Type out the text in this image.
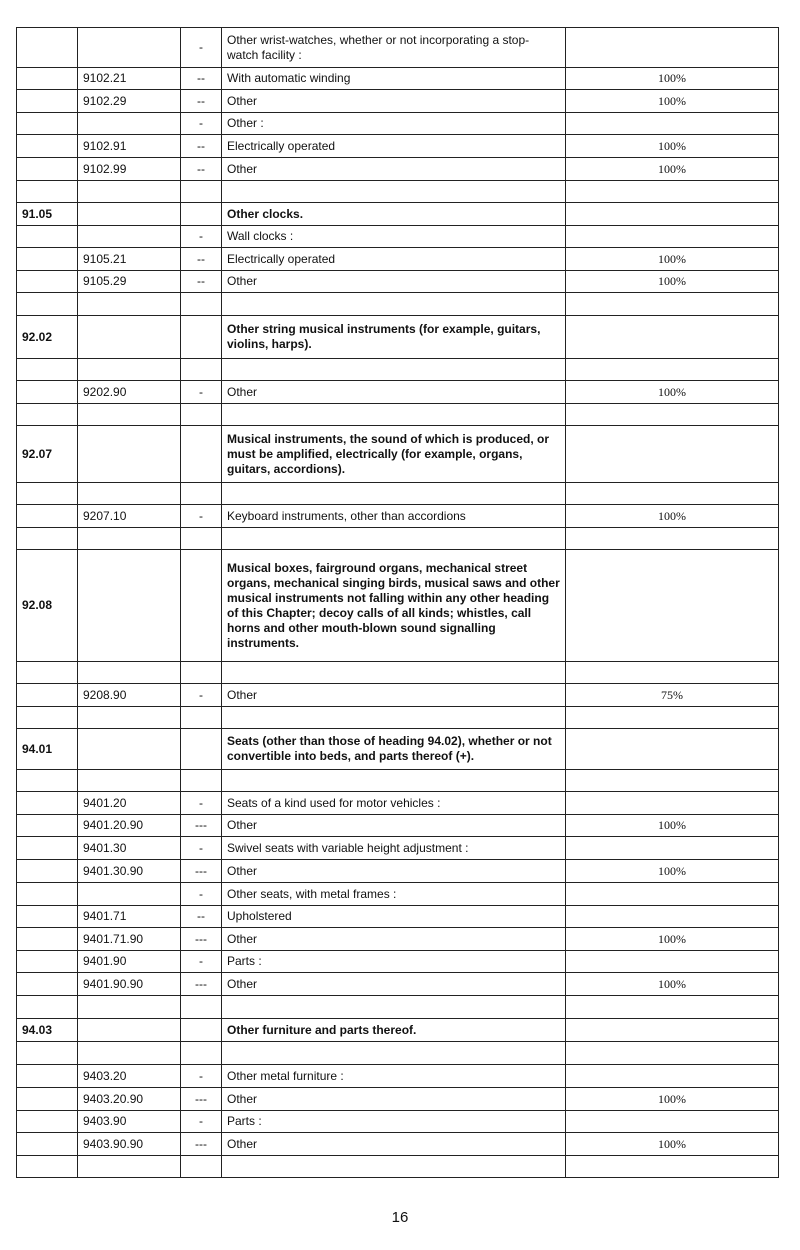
		-	Other wrist-watches, whether or not incorporating a stop-watch facility :	
	9102.21	--	With automatic winding	100%
	9102.29	--	Other	100%
		-	Other :	
	9102.91	--	Electrically operated	100%
	9102.99	--	Other	100%

91.05			Other clocks.	
		-	Wall clocks :	
	9105.21	--	Electrically operated	100%
	9105.29	--	Other	100%

92.02			Other string musical instruments (for example, guitars, violins, harps).	

	9202.90	-	Other	100%

92.07			Musical instruments, the sound of which is produced, or must be amplified, electrically (for example, organs, guitars, accordions).	

	9207.10	-	Keyboard instruments, other than accordions	100%

92.08			Musical boxes, fairground organs, mechanical street organs, mechanical singing birds, musical saws and other musical instruments not falling within any other heading of this Chapter; decoy calls of all kinds; whistles, call horns and other mouth-blown sound signalling instruments.	

	9208.90	-	Other	75%

94.01			Seats (other than those of heading 94.02), whether or not convertible into beds, and parts thereof (+).	

	9401.20	-	Seats of a kind used for motor vehicles :	
	9401.20.90	---	Other	100%
	9401.30	-	Swivel seats with variable height adjustment :	
	9401.30.90	---	Other	100%
		-	Other seats, with metal frames :	
	9401.71	--	Upholstered	
	9401.71.90	---	Other	100%
	9401.90	-	Parts :	
	9401.90.90	---	Other	100%

94.03			Other furniture and parts thereof.	

	9403.20	-	Other metal furniture :	
	9403.20.90	---	Other	100%
	9403.90	-	Parts :	
	9403.90.90	---	Other	100%

16
